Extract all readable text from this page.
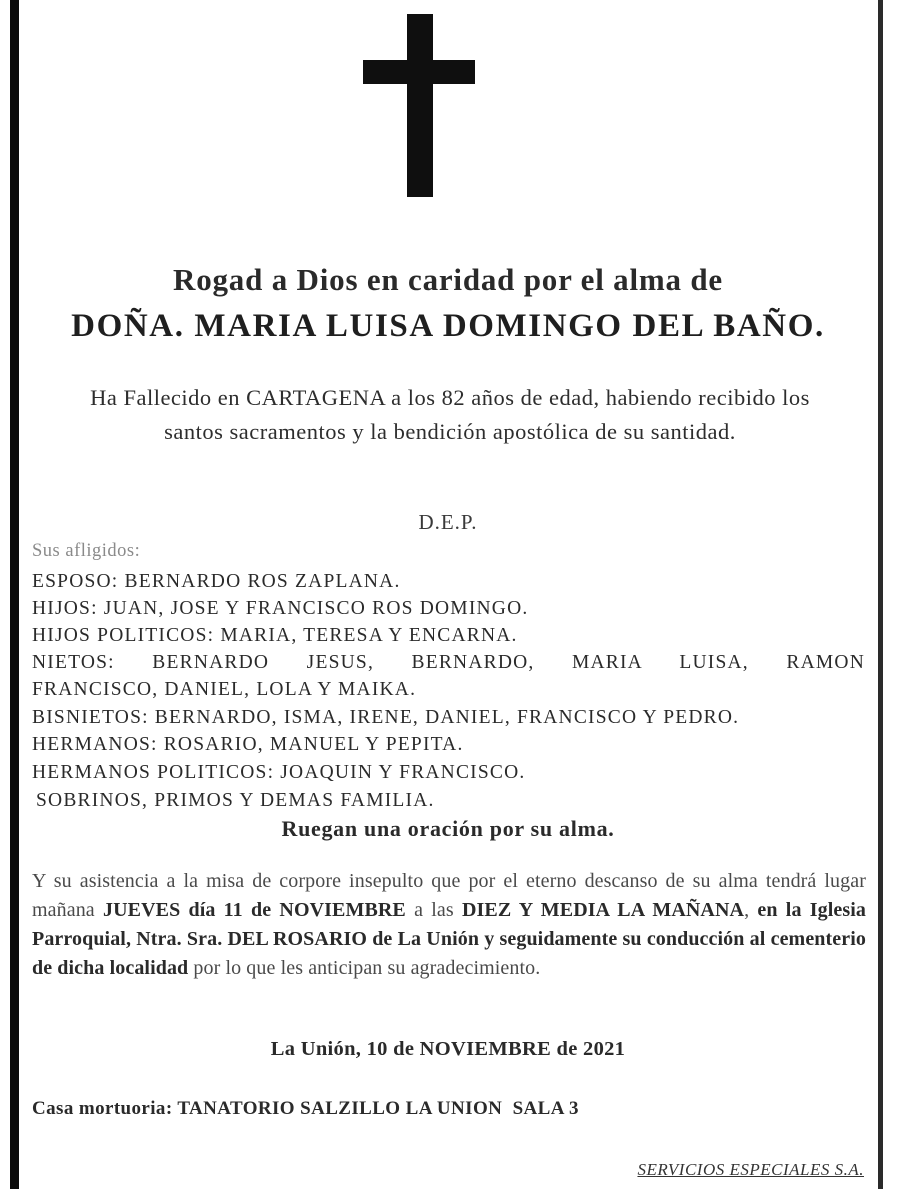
Rogad a Dios en caridad por el alma de
DOÑA. MARIA LUISA DOMINGO DEL BAÑO.
Ha Fallecido en CARTAGENA a los 82 años de edad, habiendo recibido los santos sacramentos y la bendición apostólica de su santidad.
D.E.P.
Sus afligidos:
ESPOSO: BERNARDO ROS ZAPLANA.
HIJOS: JUAN, JOSE Y FRANCISCO ROS DOMINGO.
HIJOS POLITICOS: MARIA, TERESA Y ENCARNA.
NIETOS: BERNARDO JESUS, BERNARDO, MARIA LUISA, RAMON
FRANCISCO, DANIEL, LOLA Y MAIKA.
BISNIETOS: BERNARDO, ISMA, IRENE, DANIEL, FRANCISCO Y PEDRO.
HERMANOS: ROSARIO, MANUEL Y PEPITA.
HERMANOS POLITICOS: JOAQUIN Y FRANCISCO.
SOBRINOS, PRIMOS Y DEMAS FAMILIA.
Ruegan una oración por su alma.
Y su asistencia a la misa de corpore insepulto que por el eterno descanso de su alma tendrá lugar mañana JUEVES día 11 de NOVIEMBRE a las DIEZ Y MEDIA LA MAÑANA, en la Iglesia Parroquial, Ntra. Sra. DEL ROSARIO de La Unión y seguidamente su conducción al cementerio de dicha localidad por lo que les anticipan su agradecimiento.
La Unión, 10 de NOVIEMBRE de 2021
Casa mortuoria: TANATORIO SALZILLO LA UNION  SALA 3
SERVICIOS ESPECIALES S.A.
